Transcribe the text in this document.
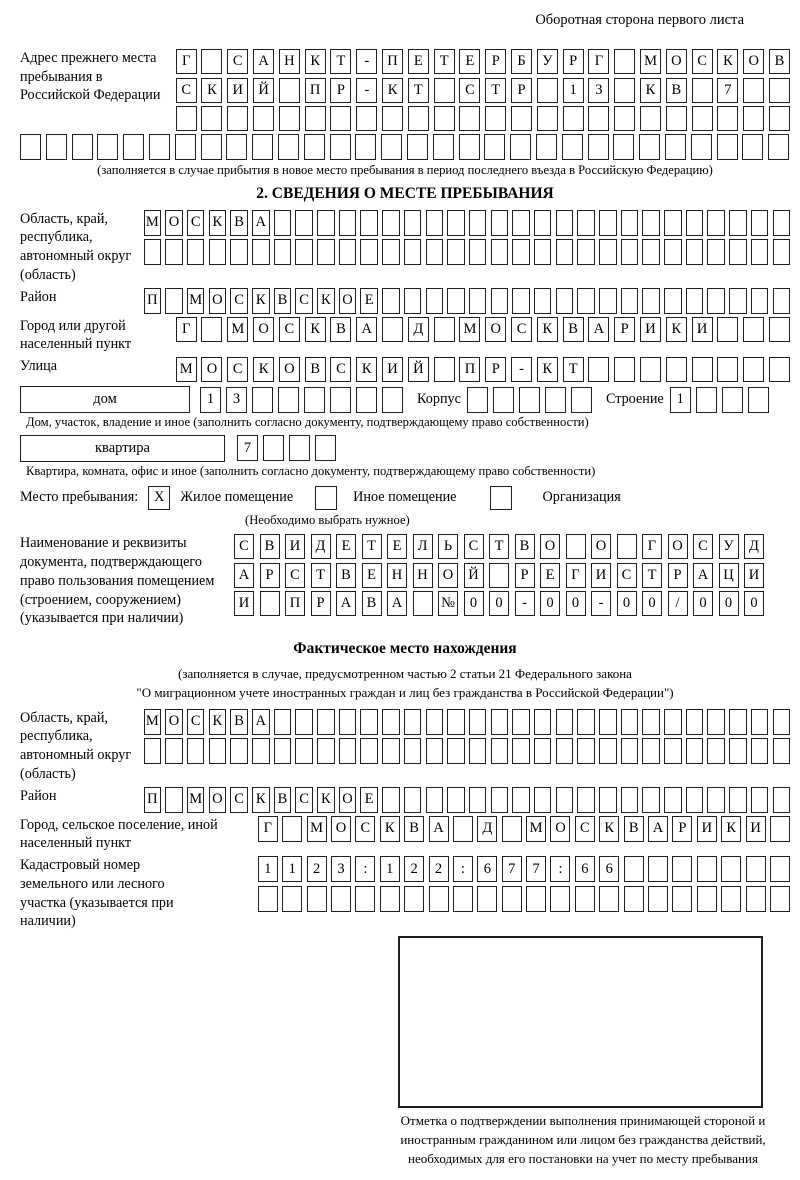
Оборотная сторона первого листа
Адрес прежнего места пребывания в Российской Федерации
Г	С	А	Н	К	Т	-	П	Е	Т	Е	Р	Б	У	Р	Г	М О	С	К	О	В
С	К	И	Й	П	Р	-	К	Т	С	Т	Р	1	3	К	В	7
(заполняется в случае прибытия в новое место пребывания в период последнего въезда в Российскую Федерацию)
2. СВЕДЕНИЯ О МЕСТЕ ПРЕБЫВАНИЯ
Область, край, республика, автономный округ (область)
М О С К В А
Район	П М О С К В С К О Е
Город или другой населенный пункт
Г	М О	С	К	В	А	Д	М О	С	К	В	А	Р	И	К	И
Улица	М О	С	К	О	В	С	К	И	Й	П	Р	-	К	Т
дом	1	3	Корпус	Строение 1
Дом, участок, владение и иное (заполнить согласно документу, подтверждающему право собственности)
квартира	7
Квартира, комната, офис и иное (заполнить согласно документу, подтверждающему право собственности)
Место пребывания:	X	Жилое помещение	Иное помещение	Организация
(Необходимо выбрать нужное)
Наименование и реквизиты документа, подтверждающего право пользования помещением (строением, сооружением) (указывается при наличии)
С	В	И	Д	Е	Т	Е	Л	Ь	С	Т	В	О	О	Г	О	С	У	Д
А	Р	С	Т	В	Е	Н	Н	О	Й	Р	Е	Г	И	С	Т	Р	А	Ц	И
И	П	Р	А	В	А	№	0	0	-	0	0	-	0	0	/	0	0	0
Фактическое место нахождения
(заполняется в случае, предусмотренном частью 2 статьи 21 Федерального закона
"О миграционном учете иностранных граждан и лиц без гражданства в Российской Федерации")
Область, край, республика, автономный округ (область)
М О С К В А
Район	П М О С К В С К О Е
Город, сельское поселение, иной населенный пункт
Г	М О С	К	В А	Д	М О С	К	В А	Р	И К И
Кадастровый номер земельного или лесного участка (указывается при наличии)
1	1	2	3	:	1	2	2	:	6	7	7	:	6	6
Отметка о подтверждении выполнения принимающей стороной и иностранным гражданином или лицом без гражданства действий, необходимых для его постановки на учет по месту пребывания
